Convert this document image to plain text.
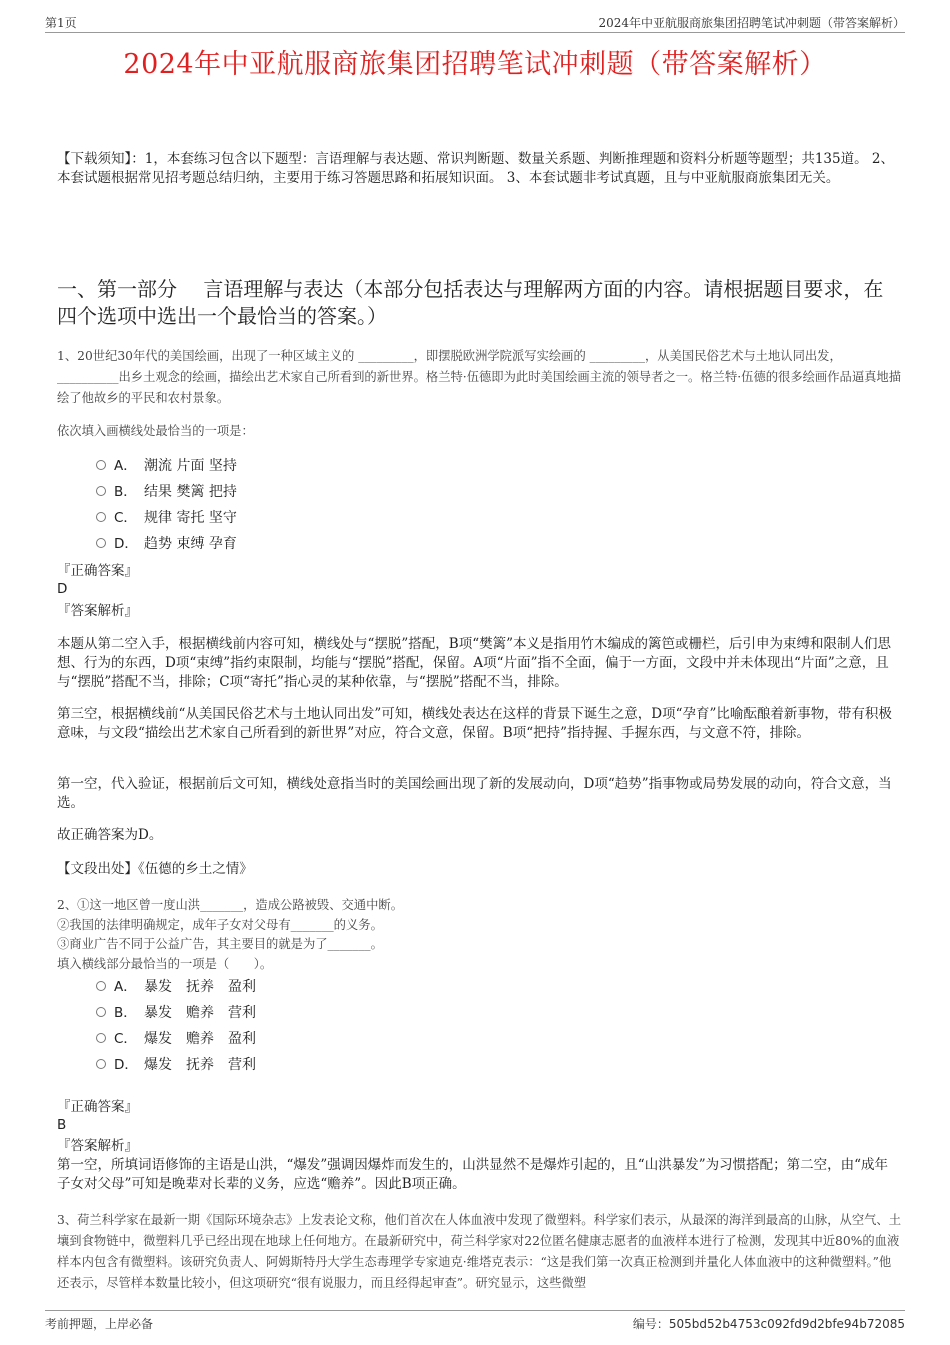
第1页	2024年中亚航服商旅集团招聘笔试冲刺题（带答案解析）
2024年中亚航服商旅集团招聘笔试冲刺题（带答案解析）

【下载须知】：1，本套练习包含以下题型：言语理解与表达题、常识判断题、数量关系题、判断推理题和资料分析题等题型；共135道。 2、本套试题根据常见招考题总结归纳，主要用于练习答题思路和拓展知识面。 3、本套试题非考试真题，且与中亚航服商旅集团无关。

一、第一部分　 言语理解与表达（本部分包括表达与理解两方面的内容。请根据题目要求，在四个选项中选出一个最恰当的答案。）

1、20世纪30年代的美国绘画，出现了一种区域主义的 _________，即摆脱欧洲学院派写实绘画的 _________，从美国民俗艺术与土地认同出发， __________出乡土观念的绘画，描绘出艺术家自己所看到的新世界。格兰特·伍德即为此时美国绘画主流的领导者之一。格兰特·伍德的很多绘画作品逼真地描绘了他故乡的平民和农村景象。

依次填入画横线处最恰当的一项是：

A． 潮流 片面 坚持
B． 结果 樊篱 把持
C． 规律 寄托 坚守
D． 趋势 束缚 孕育
『正确答案』
D
『答案解析』

本题从第二空入手，根据横线前内容可知，横线处与“摆脱”搭配，B项“樊篱”本义是指用竹木编成的篱笆或栅栏，后引申为束缚和限制人们思想、行为的东西，D项“束缚”指约束限制，均能与“摆脱”搭配，保留。A项“片面”指不全面，偏于一方面，文段中并未体现出“片面”之意，且与“摆脱”搭配不当，排除；C项“寄托”指心灵的某种依靠，与“摆脱”搭配不当，排除。

第三空，根据横线前“从美国民俗艺术与土地认同出发”可知，横线处表达在这样的背景下诞生之意，D项“孕育”比喻酝酿着新事物，带有积极意味，与文段“描绘出艺术家自己所看到的新世界”对应，符合文意，保留。B项“把持”指持握、手握东西，与文意不符，排除。

第一空，代入验证，根据前后文可知，横线处意指当时的美国绘画出现了新的发展动向，D项“趋势”指事物或局势发展的动向，符合文意，当选。

故正确答案为D。

【文段出处】《伍德的乡土之情》

2、①这一地区曾一度山洪_______，造成公路被毁、交通中断。
②我国的法律明确规定，成年子女对父母有_______的义务。
③商业广告不同于公益广告，其主要目的就是为了_______。
填入横线部分最恰当的一项是（　　）。
A． 暴发　抚养　盈利
B． 暴发　赡养　营利
C． 爆发　赡养　盈利
D． 爆发　抚养　营利
『正确答案』
B
『答案解析』

第一空，所填词语修饰的主语是山洪，“爆发”强调因爆炸而发生的，山洪显然不是爆炸引起的，且“山洪暴发”为习惯搭配；第二空，由“成年子女对父母”可知是晚辈对长辈的义务，应选“赡养”。因此B项正确。

3、荷兰科学家在最新一期《国际环境杂志》上发表论文称，他们首次在人体血液中发现了微塑料。科学家们表示，从最深的海洋到最高的山脉，从空气、土壤到食物链中，微塑料几乎已经出现在地球上任何地方。在最新研究中，荷兰科学家对22位匿名健康志愿者的血液样本进行了检测，发现其中近80%的血液样本内包含有微塑料。该研究负责人、阿姆斯特丹大学生态毒理学专家迪克·维塔克表示：“这是我们第一次真正检测到并量化人体血液中的这种微塑料。”他还表示，尽管样本数量比较小，但这项研究“很有说服力，而且经得起审查”。研究显示，这些微塑

考前押题，上岸必备	编号：505bd52b4753c092fd9d2bfe94b72085
